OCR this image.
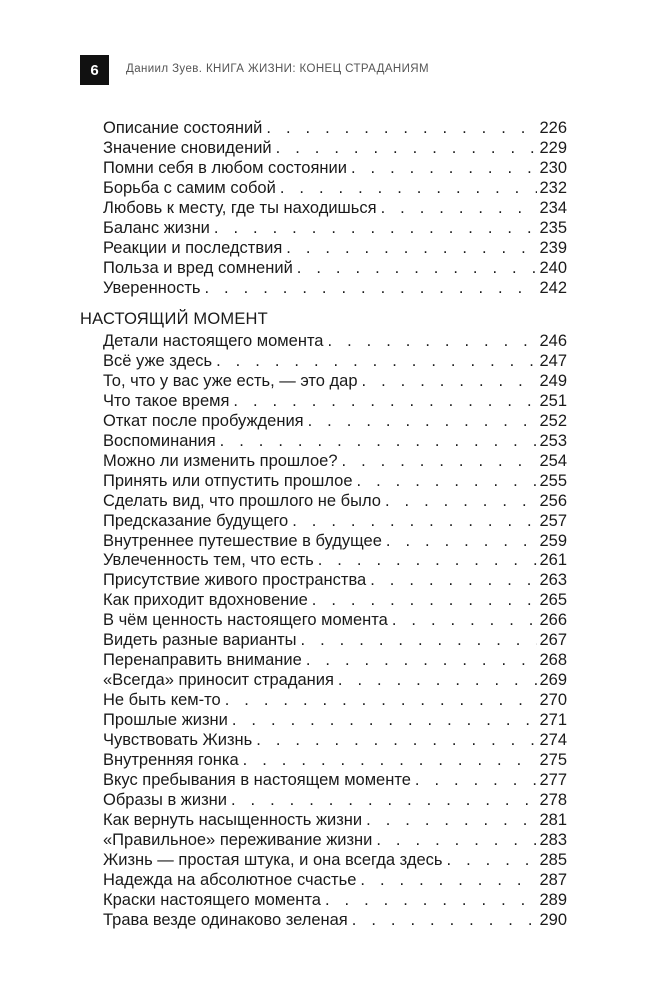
6 Даниил Зуев. КНИГА ЖИЗНИ: КОНЕЦ СТРАДАНИЯМ
НАСТОЯЩИЙ МОМЕНТ
Описание состояний . . .	226
Значение сновидений . . .	229
Помни себя в любом состоянии . . .	230
Борьба с самим собой . . .	232
Любовь к месту, где ты находишься . . .	234
Баланс жизни . . .	235
Реакции и последствия . . .	239
Польза и вред сомнений . . .	240
Уверенность . . .	242
Детали настоящего момента . . .	246
Всё уже здесь . . .	247
То, что у вас уже есть, — это дар . . .	249
Что такое время . . .	251
Откат после пробуждения . . .	252
Воспоминания . . .	253
Можно ли изменить прошлое? . . .	254
Принять или отпустить прошлое . . .	255
Сделать вид, что прошлого не было . . .	256
Предсказание будущего . . .	257
Внутреннее путешествие в будущее . . .	259
Увлеченность тем, что есть . . .	261
Присутствие живого пространства . . .	263
Как приходит вдохновение . . .	265
В чём ценность настоящего момента . . .	266
Видеть разные варианты . . .	267
Перенаправить внимание . . .	268
«Всегда» приносит страдания . . .	269
Не быть кем-то . . .	270
Прошлые жизни . . .	271
Чувствовать Жизнь . . .	274
Внутренняя гонка . . .	275
Вкус пребывания в настоящем моменте . . .	277
Образы в жизни . . .	278
Как вернуть насыщенность жизни . . .	281
«Правильное» переживание жизни . . .	283
Жизнь — простая штука, и она всегда здесь . . .	285
Надежда на абсолютное счастье . . .	287
Краски настоящего момента . . .	289
Трава везде одинаково зеленая . . .	290
